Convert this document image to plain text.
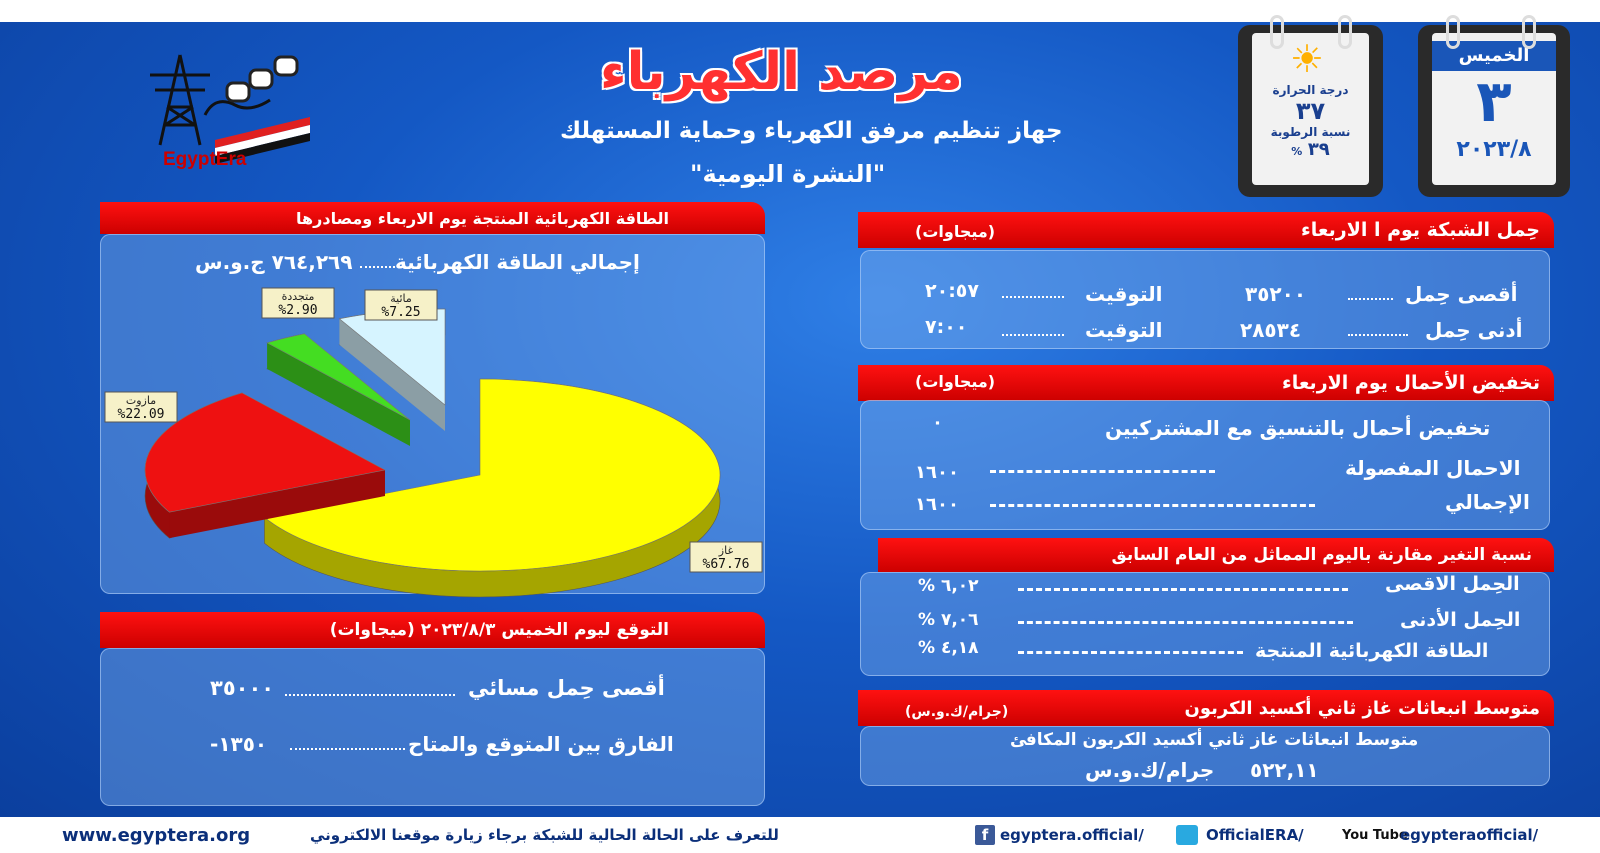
EgyptEra
مرصد الكهرباء
جهاز تنظيم مرفق الكهرباء وحماية المستهلك
"النشرة اليومية"
☀
درجة الحرارة
٣٧
نسبة الرطوبة
% ٣٩
الخميس
٣
٢٠٢٣/٨
حِمل الشبكة يوم ا الاربعاء
(ميجاوات)
أقصى حِمل
٣٥٢٠٠
التوقيت
٢٠:٥٧
أدنى حِمل
٢٨٥٣٤
التوقيت
٧:٠٠
تخفيض الأحمال يوم الاربعاء
(ميجاوات)
تخفيض أحمال بالتنسيق مع المشتركيين
٠
الاحمال المفصولة
١٦٠٠
الإجمالي
١٦٠٠
نسبة التغير مقارنة باليوم المماثل من العام السابق
الحِمل الاقصى
٦,٠٢ %
الحِمل الأدنى
٧,٠٦ %
الطاقة الكهربائية المنتجة
٤,١٨ %
متوسط انبعاثات غاز ثاني أكسيد الكربون
(جرام/ك.و.س)
متوسط انبعاثات غاز ثاني أكسيد الكربون المكافئ
٥٢٢,١١
جرام/ك.و.س
الطاقة الكهربائية المنتجة يوم الاربعاء ومصادرها
إجمالي الطاقة الكهربائية
٧٦٤,٢٦٩ ج.و.س
غاز
%67.76
مازوت
%22.09
متجددة
%2.90
مائية
%7.25
التوقع ليوم الخميس ٢٠٢٣/٨/٣ (ميجاوات)
أقصى حِمل مسائي
٣٥٠٠٠
الفارق بين المتوقع والمتاح
١٣٥٠-
www.egyptera.org	للتعرف على الحالة الحالية للشبكة برجاء زيارة موقعنا الالكتروني	f egyptera.official/	OfficialERA/	You Tube
egypteraofficial/
